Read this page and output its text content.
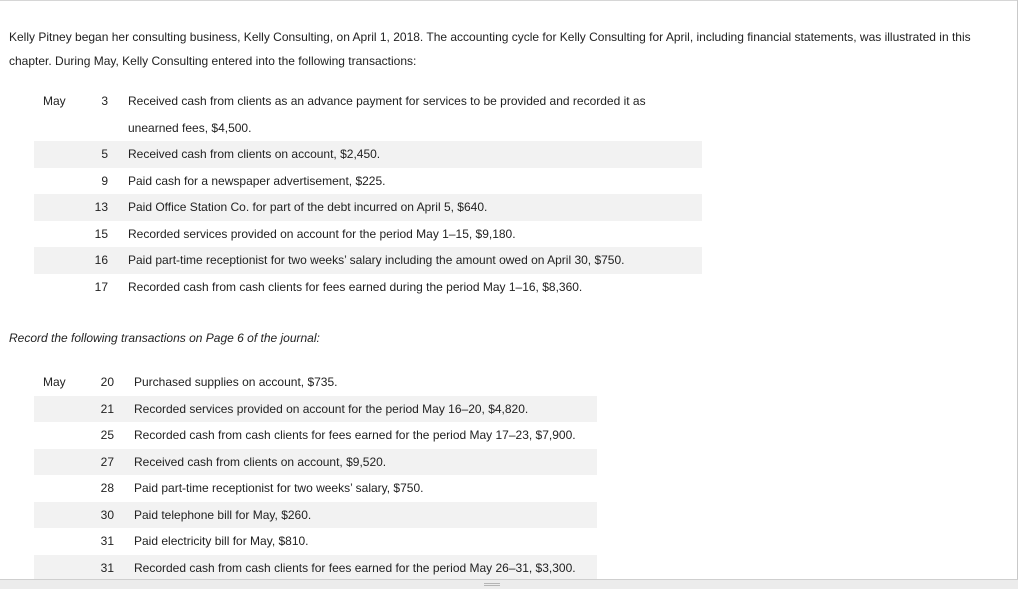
Kelly Pitney began her consulting business, Kelly Consulting, on April 1, 2018. The accounting cycle for Kelly Consulting for April, including financial statements, was illustrated in this chapter. During May, Kelly Consulting entered into the following transactions:

May	3	Received cash from clients as an advance payment for services to be provided and recorded it as
unearned fees, $4,500.

	5	Received cash from clients on account, $2,450.
	9	Paid cash for a newspaper advertisement, $225.
	13	Paid Office Station Co. for part of the debt incurred on April 5, $640.
	15	Recorded services provided on account for the period May 1–15, $9,180.
	16	Paid part-time receptionist for two weeks’ salary including the amount owed on April 30, $750.
	17	Recorded cash from cash clients for fees earned during the period May 1–16, $8,360.

Record the following transactions on Page 6 of the journal:

May	20	Purchased supplies on account, $735.
	21	Recorded services provided on account for the period May 16–20, $4,820.
	25	Recorded cash from cash clients for fees earned for the period May 17–23, $7,900.
	27	Received cash from clients on account, $9,520.
	28	Paid part-time receptionist for two weeks’ salary, $750.
	30	Paid telephone bill for May, $260.
	31	Paid electricity bill for May, $810.
	31	Recorded cash from cash clients for fees earned for the period May 26–31, $3,300.
